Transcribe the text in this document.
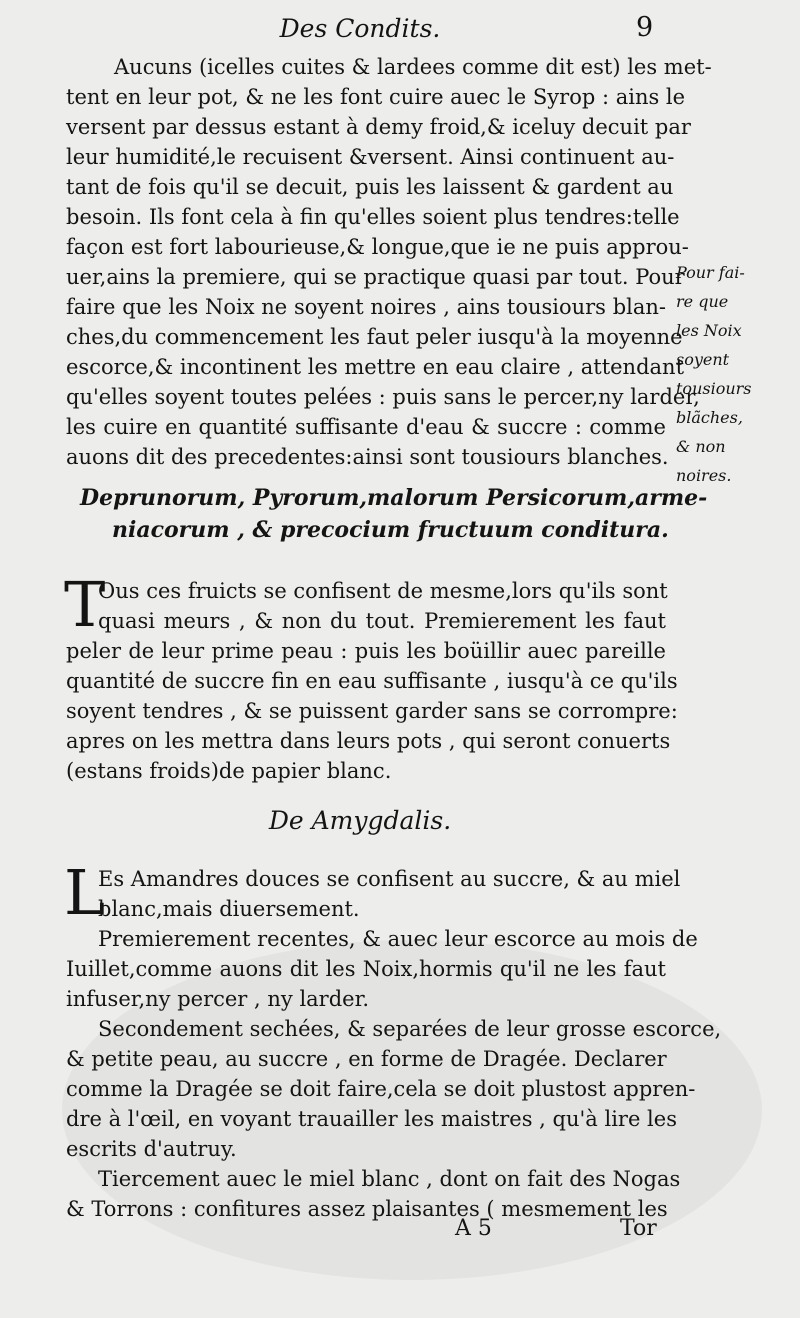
Des Condits.	9
Aucuns (icelles cuites & lardees comme dit est) les met-
tent en leur pot, & ne les font cuire auec le Syrop : ains le
versent par dessus estant à demy froid,& iceluy decuit par
leur humidité,le recuisent &versent. Ainsi continuent au-
tant de fois qu'il se decuit, puis les laissent & gardent au
besoin. Ils font cela à fin qu'elles soient plus tendres:telle
façon est fort labourieuse,& longue,que ie ne puis approu-
uer,ains la premiere, qui se practique quasi par tout. Pour
faire que les Noix ne soyent noires , ains tousiours blan-
ches,du commencement les faut peler iusqu'à la moyenne
escorce,& incontinent les mettre en eau claire , attendant
qu'elles soyent toutes pelées : puis sans le percer,ny larder,
les cuire en quantité suffisante d'eau & succre : comme
auons dit des precedentes:ainsi sont tousiours blanches.
Pour fai-
re que
les Noix
soyent
tousiours
blãches,
& non
noires.
Deprunorum, Pyrorum,malorum Persicorum,arme-
niacorum , & precocium fructuum conditura.
T
Ous ces fruicts se confisent de mesme,lors qu'ils sont
quasi meurs , & non du tout. Premierement les faut
peler de leur prime peau : puis les boüillir auec pareille
quantité de succre fin en eau suffisante , iusqu'à ce qu'ils
soyent tendres , & se puissent garder sans se corrompre:
apres on les mettra dans leurs pots , qui seront conuerts
(estans froids)de papier blanc.
De Amygdalis.
L
Es Amandres douces se confisent au succre, & au miel
blanc,mais diuersement.
Premierement recentes, & auec leur escorce au mois de
Iuillet,comme auons dit les Noix,hormis qu'il ne les faut
infuser,ny percer , ny larder.
Secondement sechées, & separées de leur grosse escorce,
& petite peau, au succre , en forme de Dragée. Declarer
comme la Dragée se doit faire,cela se doit plustost appren-
dre à l'œil, en voyant trauailler les maistres , qu'à lire les
escrits d'autruy.
Tiercement auec le miel blanc , dont on fait des Nogas
& Torrons : confitures assez plaisantes ( mesmement les
A 5	Tor
